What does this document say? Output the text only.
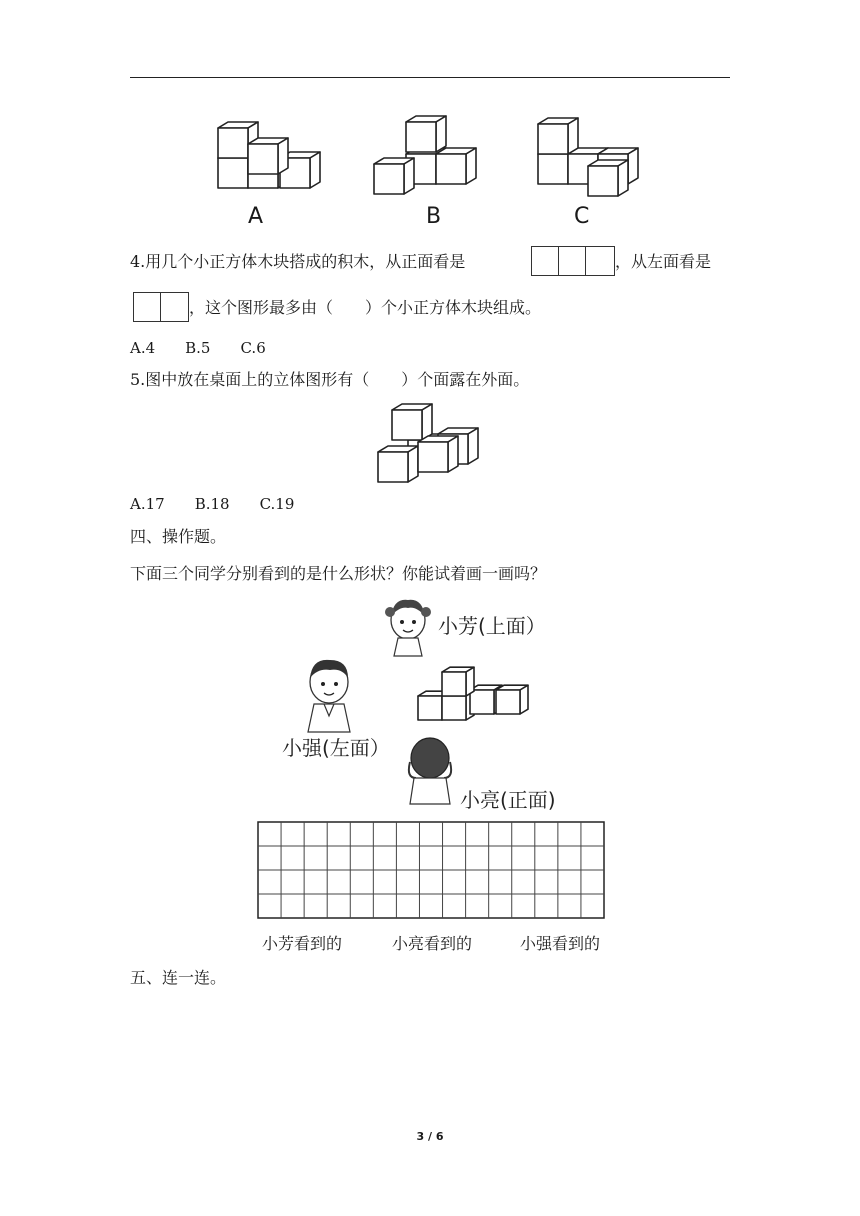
A	B	C
4.用几个小正方体木块搭成的积木，从正面看是	，从左面看是
，这个图形最多由（　　）个小正方体木块组成。
A.4　　B.5　　C.6
5.图中放在桌面上的立体图形有（　　）个面露在外面。
A.17　　B.18　　C.19
四、操作题。
下面三个同学分别看到的是什么形状？你能试着画一画吗？
小芳(上面）
小强(左面）
小亮(正面)
小芳看到的	小亮看到的	小强看到的
五、连一连。
3 / 6
